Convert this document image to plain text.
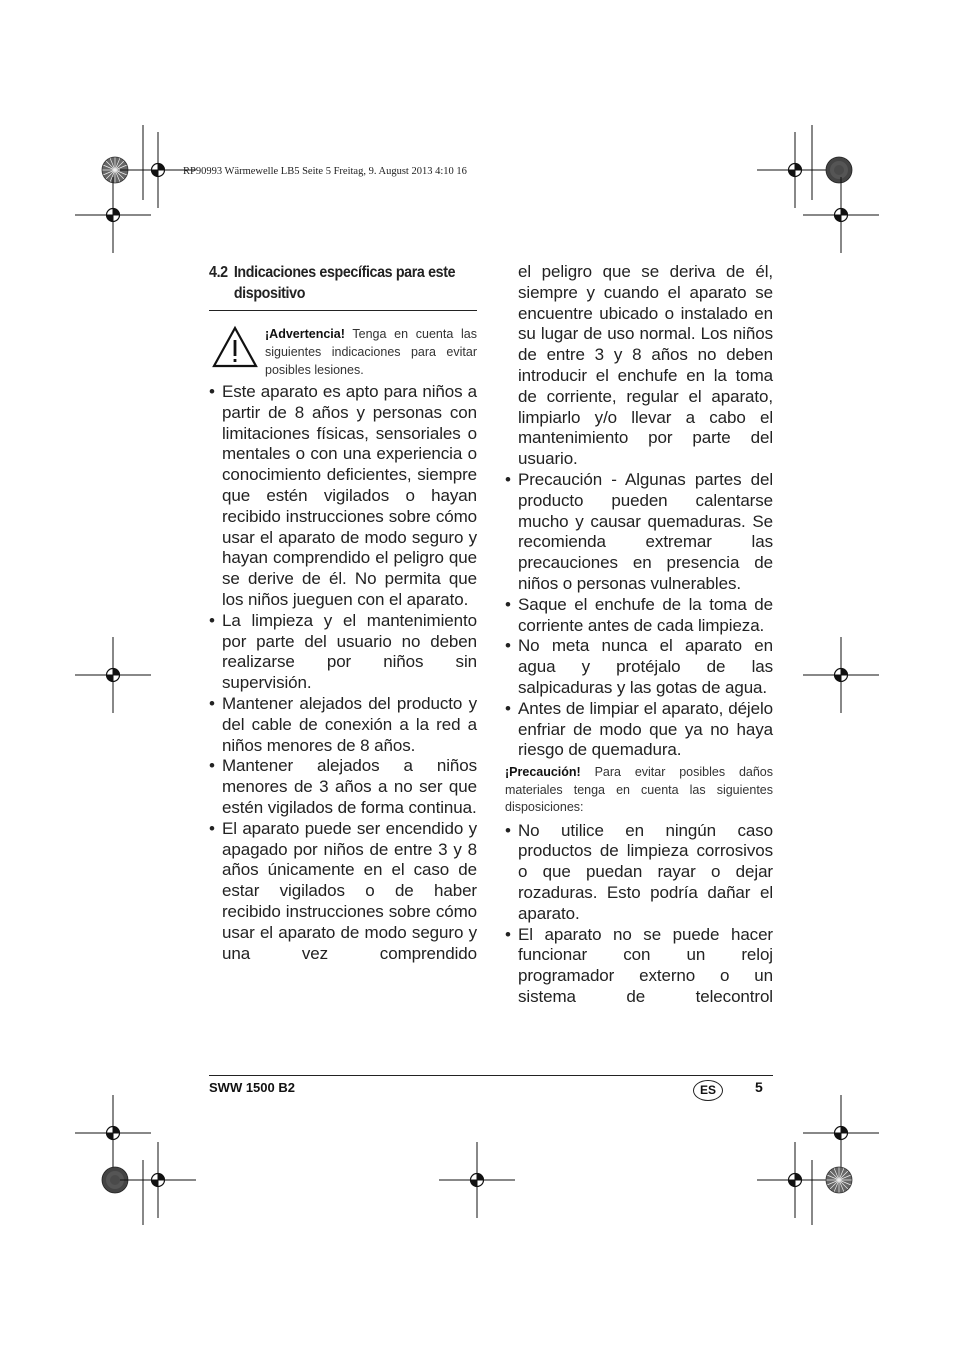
RP90993 Wärmewelle LB5 Seite 5 Freitag, 9. August 2013 4:10 16
4.2 Indicaciones específicas para este dispositivo
¡Advertencia! Tenga en cuenta las siguientes indicaciones para evitar posibles lesiones.
• Este aparato es apto para niños a partir de 8 años y personas con limitaciones físicas, sensoriales o mentales o con una experiencia o conocimiento deficientes, siempre que estén vigilados o hayan recibido instrucciones sobre cómo usar el aparato de modo seguro y hayan comprendido el peligro que se derive de él. No permita que los niños jueguen con el aparato.
• La limpieza y el mantenimiento por parte del usuario no deben realizarse por niños sin supervisión.
• Mantener alejados del producto y del cable de conexión a la red a niños menores de 8 años.
• Mantener alejados a niños menores de 3 años a no ser que estén vigilados de forma continua.
• El aparato puede ser encendido y apagado por niños de entre 3 y 8 años únicamente en el caso de estar vigilados o de haber recibido instrucciones sobre cómo usar el aparato de modo seguro y una vez comprendido
el peligro que se deriva de él, siempre y cuando el aparato se encuentre ubicado o instalado en su lugar de uso normal. Los niños de entre 3 y 8 años no deben introducir el enchufe en la toma de corriente, regular el aparato, limpiarlo y/o llevar a cabo el mantenimiento por parte del usuario.
• Precaución - Algunas partes del producto pueden calentarse mucho y causar quemaduras. Se recomienda extremar las precauciones en presencia de niños o personas vulnerables.
• Saque el enchufe de la toma de corriente antes de cada limpieza.
• No meta nunca el aparato en agua y protéjalo de las salpicaduras y las gotas de agua.
• Antes de limpiar el aparato, déjelo enfriar de modo que ya no haya riesgo de quemadura.
¡Precaución! Para evitar posibles daños materiales tenga en cuenta las siguientes disposiciones:
• No utilice en ningún caso productos de limpieza corrosivos o que puedan rayar o dejar rozaduras. Esto podría dañar el aparato.
• El aparato no se puede hacer funcionar con un reloj programador externo o un sistema de telecontrol
SWW 1500 B2	ES	5
